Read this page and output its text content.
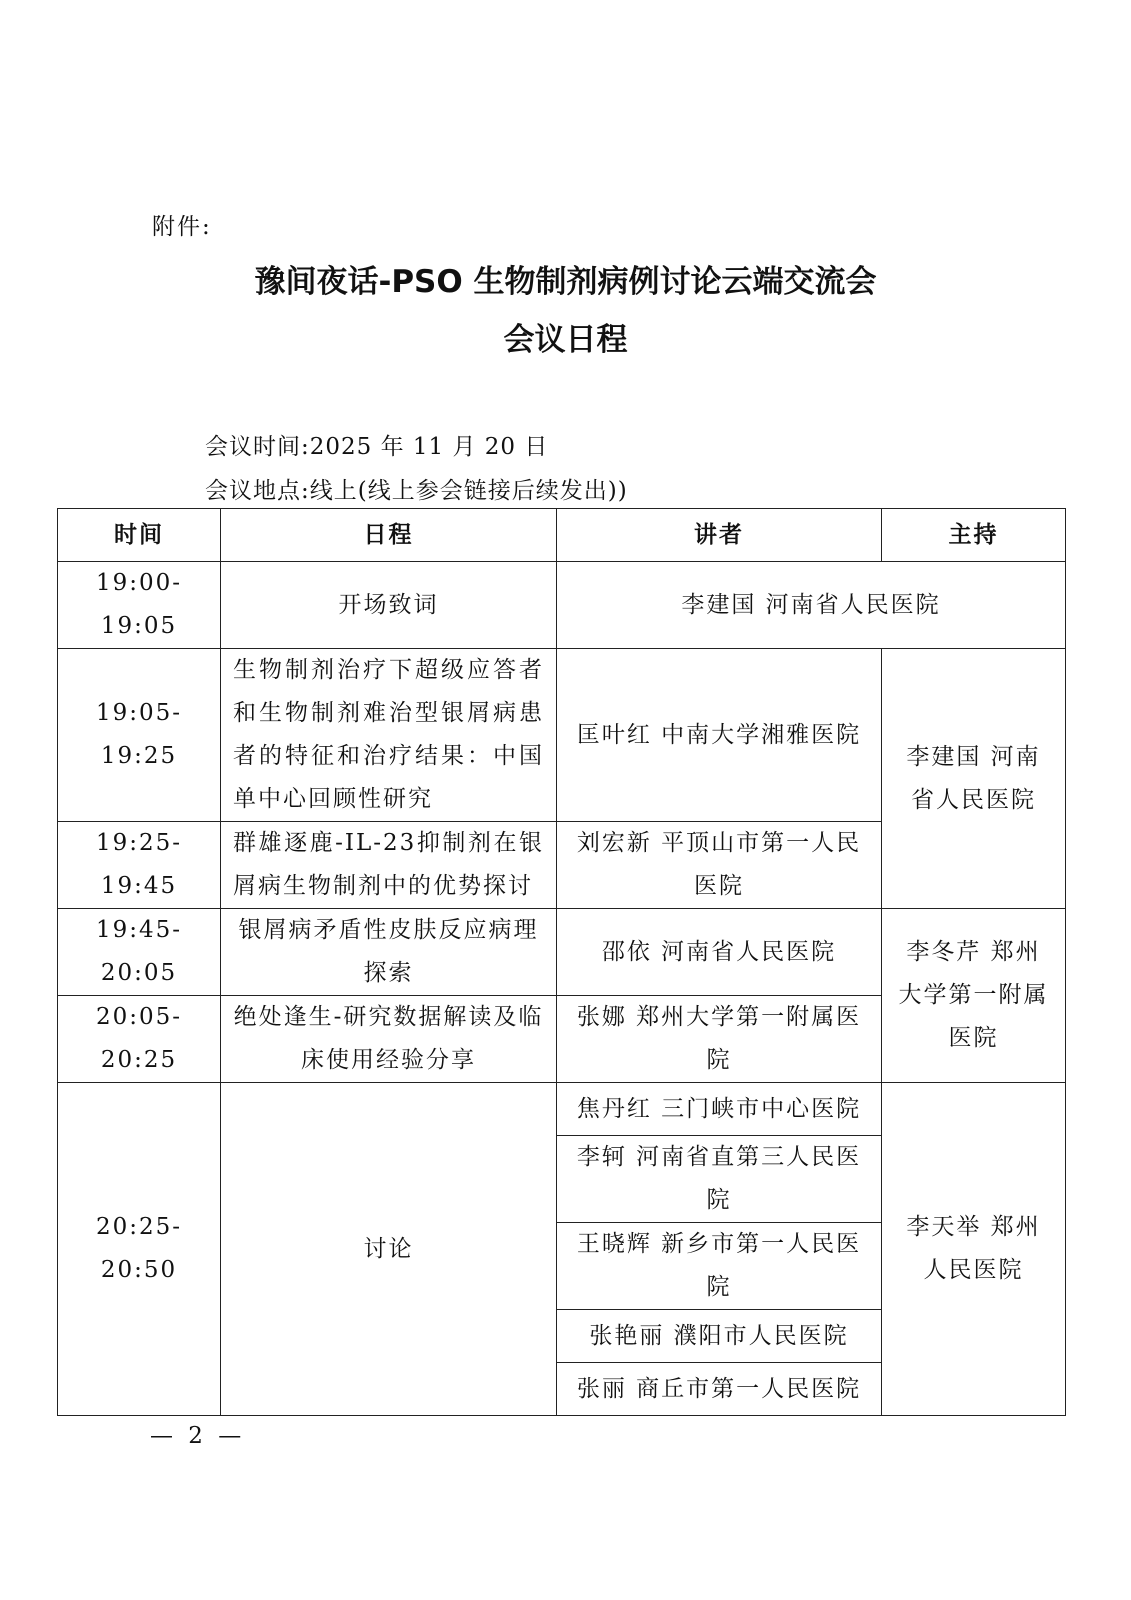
附件:
豫间夜话-PSO 生物制剂病例讨论云端交流会
会议日程
会议时间:2025 年 11 月 20 日
会议地点:线上(线上参会链接后续发出))
时间	日程	讲者	主持
19:00-19:05	开场致词	李建国 河南省人民医院	
19:05-19:25	生物制剂治疗下超级应答者和生物制剂难治型银屑病患者的特征和治疗结果：中国单中心回顾性研究	匡叶红 中南大学湘雅医院	李建国 河南省人民医院
19:25-19:45	群雄逐鹿-IL-23抑制剂在银屑病生物制剂中的优势探讨	刘宏新 平顶山市第一人民医院	
19:45-20:05	银屑病矛盾性皮肤反应病理探索	邵依 河南省人民医院	李冬芹 郑州大学第一附属医院
20:05-20:25	绝处逢生-研究数据解读及临床使用经验分享	张娜 郑州大学第一附属医院	
20:25-20:50	讨论	焦丹红 三门峡市中心医院	李天举 郑州人民医院
		李轲 河南省直第三人民医院	
		王晓辉 新乡市第一人民医院	
		张艳丽 濮阳市人民医院	
		张丽 商丘市第一人民医院	
— 2 —
